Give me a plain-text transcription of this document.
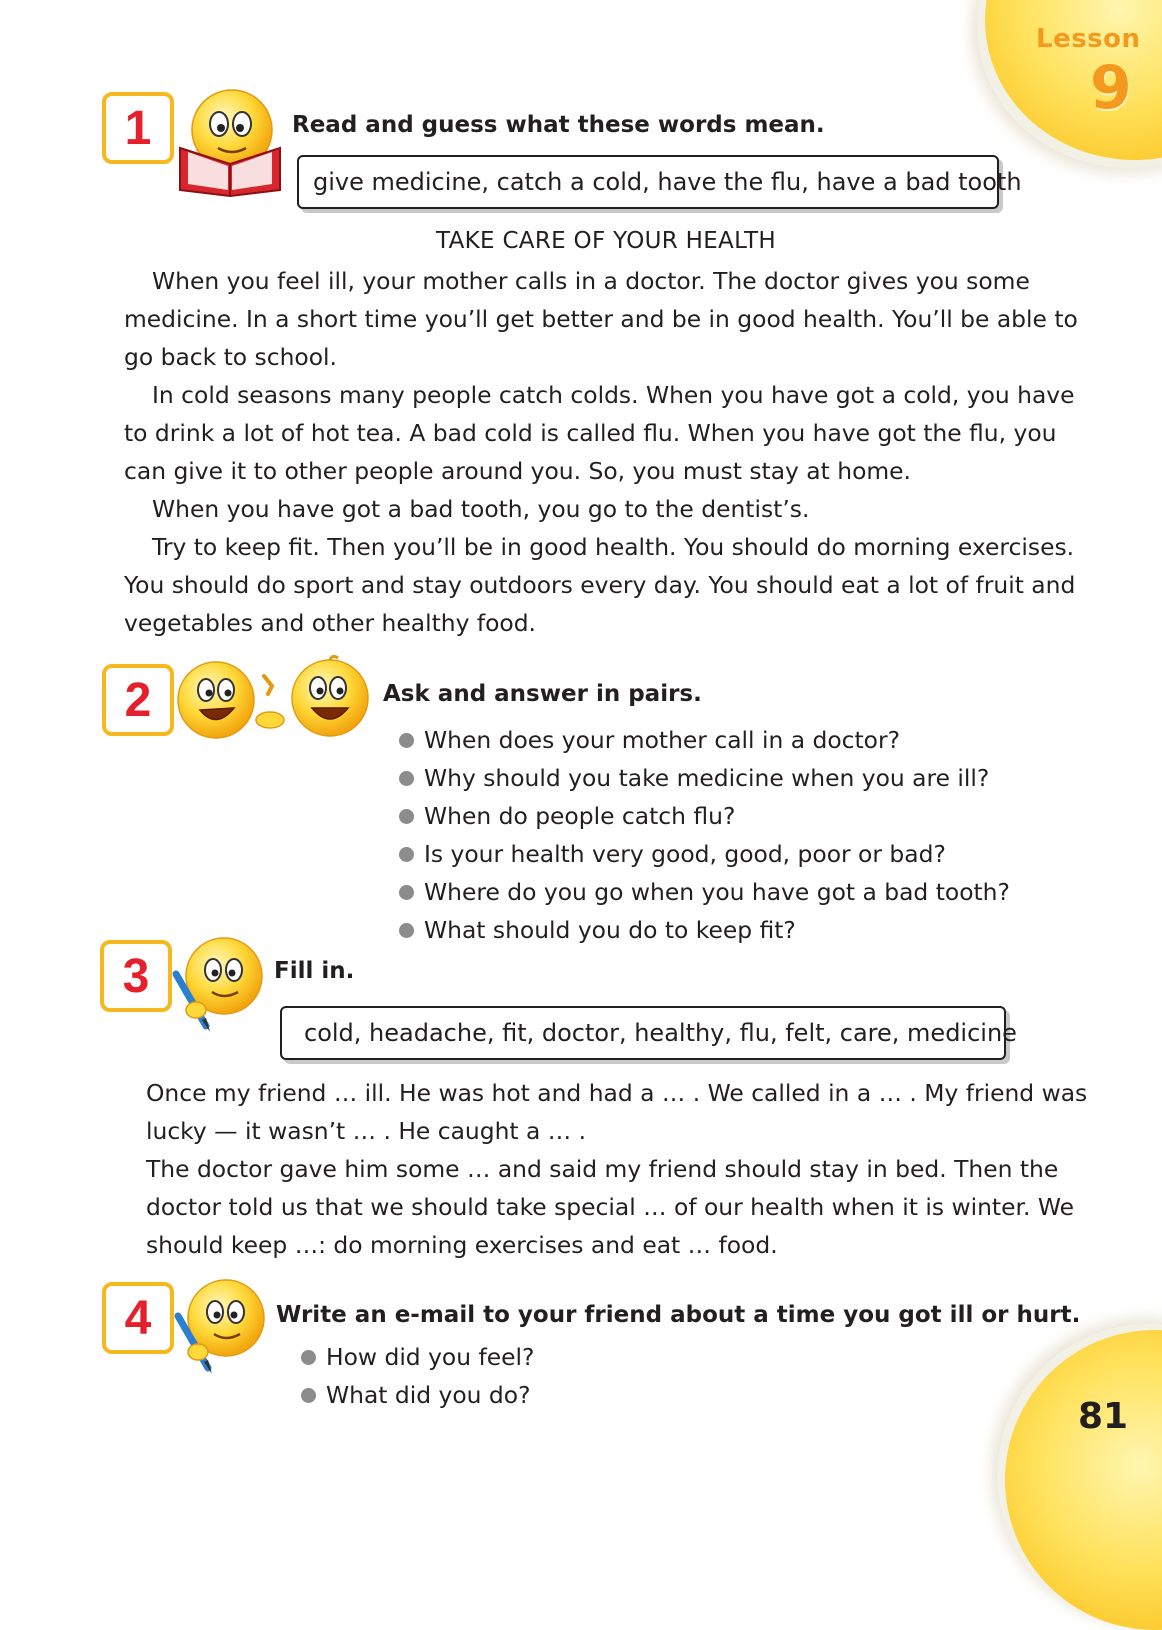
Lesson
9
81
1	Read and guess what these words mean.
give medicine, catch a cold, have the flu, have a bad tooth
TAKE CARE OF YOUR HEALTH

When you feel ill, your mother calls in a doctor. The doctor gives you some medicine. In a short time you’ll get better and be in good health. You’ll be able to go back to school.

In cold seasons many people catch colds. When you have got a cold, you have to drink a lot of hot tea. A bad cold is called flu. When you have got the flu, you can give it to other people around you. So, you must stay at home.

When you have got a bad tooth, you go to the dentist’s.

Try to keep fit. Then you’ll be in good health. You should do morning exercises. You should do sport and stay outdoors every day. You should eat a lot of fruit and vegetables and other healthy food.

2	Ask and answer in pairs.
When does your mother call in a doctor?
Why should you take medicine when you are ill?
When do people catch flu?
Is your health very good, good, poor or bad?
Where do you go when you have got a bad tooth?
What should you do to keep fit?
3	Fill in.
cold, headache, fit, doctor, healthy, flu, felt, care, medicine

Once my friend … ill. He was hot and had a … . We called in a … . My friend was lucky — it wasn’t … . He caught a … .

The doctor gave him some … and said my friend should stay in bed. Then the doctor told us that we should take special … of our health when it is winter. We should keep …: do morning exercises and eat … food.

4	Write an e-mail to your friend about a time you got ill or hurt.
How did you feel?
What did you do?
